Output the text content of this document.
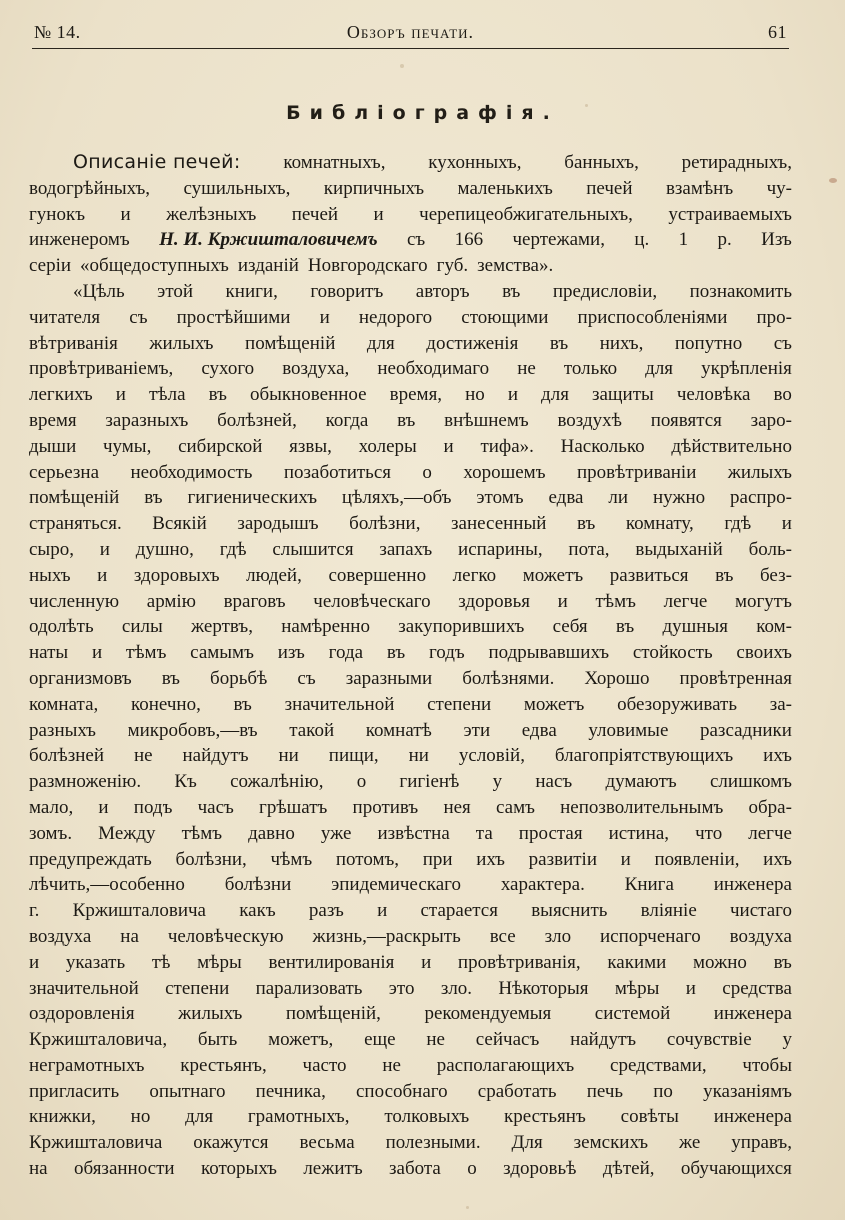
№ 14.	Обзоръ печати.	61
Библіографія.
Описаніе печей: комнатныхъ, кухонныхъ, банныхъ, ретирадныхъ,
водогрѣйныхъ, сушильныхъ, кирпичныхъ маленькихъ печей взамѣнъ чу-
гунокъ и желѣзныхъ печей и черепицеобжигательныхъ, устраиваемыхъ
инженеромъ Н. И. Кржишталовичемъ съ 166 чертежами, ц. 1 р. Изъ
серіи «общедоступныхъ изданій Новгородскаго губ. земства».
«Цѣль этой книги, говоритъ авторъ въ предисловіи, познакомить
читателя съ простѣйшими и недорого стоющими приспособленіями про-
вѣтриванія жилыхъ помѣщеній для достиженія въ нихъ, попутно съ
провѣтриваніемъ, сухого воздуха, необходимаго не только для укрѣпленія
легкихъ и тѣла въ обыкновенное время, но и для защиты человѣка во
время заразныхъ болѣзней, когда въ внѣшнемъ воздухѣ появятся заро-
дыши чумы, сибирской язвы, холеры и тифа». Насколько дѣйствительно
серьезна необходимость позаботиться о хорошемъ провѣтриваніи жилыхъ
помѣщеній въ гигиеническихъ цѣляхъ,—объ этомъ едва ли нужно распро-
страняться. Всякій зародышъ болѣзни, занесенный въ комнату, гдѣ и
сыро, и душно, гдѣ слышится запахъ испарины, пота, выдыханій боль-
ныхъ и здоровыхъ людей, совершенно легко можетъ развиться въ без-
численную армію враговъ человѣческаго здоровья и тѣмъ легче могутъ
одолѣть силы жертвъ, намѣренно закупорившихъ себя въ душныя ком-
наты и тѣмъ самымъ изъ года въ годъ подрывавшихъ стойкость своихъ
организмовъ въ борьбѣ съ заразными болѣзнями. Хорошо провѣтренная
комната, конечно, въ значительной степени можетъ обезоруживать за-
разныхъ микробовъ,—въ такой комнатѣ эти едва уловимые разсадники
болѣзней не найдутъ ни пищи, ни условій, благопріятствующихъ ихъ
размноженію. Къ сожалѣнію, о гигіенѣ у насъ думаютъ слишкомъ
мало, и подъ часъ грѣшатъ противъ нея самъ непозволительнымъ обра-
зомъ. Между тѣмъ давно уже извѣстна та простая истина, что легче
предупреждать болѣзни, чѣмъ потомъ, при ихъ развитіи и появленіи, ихъ
лѣчить,—особенно болѣзни эпидемическаго характера. Книга инженера
г. Кржишталовича какъ разъ и старается выяснить вліяніе чистаго
воздуха на человѣческую жизнь,—раскрыть все зло испорченаго воздуха
и указать тѣ мѣры вентилированія и провѣтриванія, какими можно въ
значительной степени парализовать это зло. Нѣкоторыя мѣры и средства
оздоровленія жилыхъ помѣщеній, рекомендуемыя системой инженера
Кржишталовича, быть можетъ, еще не сейчасъ найдутъ сочувствіе у
неграмотныхъ крестьянъ, часто не располагающихъ средствами, чтобы
пригласить опытнаго печника, способнаго сработать печь по указаніямъ
книжки, но для грамотныхъ, толковыхъ крестьянъ совѣты инженера
Кржишталовича окажутся весьма полезными. Для земскихъ же управъ,
на обязанности которыхъ лежитъ забота о здоровьѣ дѣтей, обучающихся
